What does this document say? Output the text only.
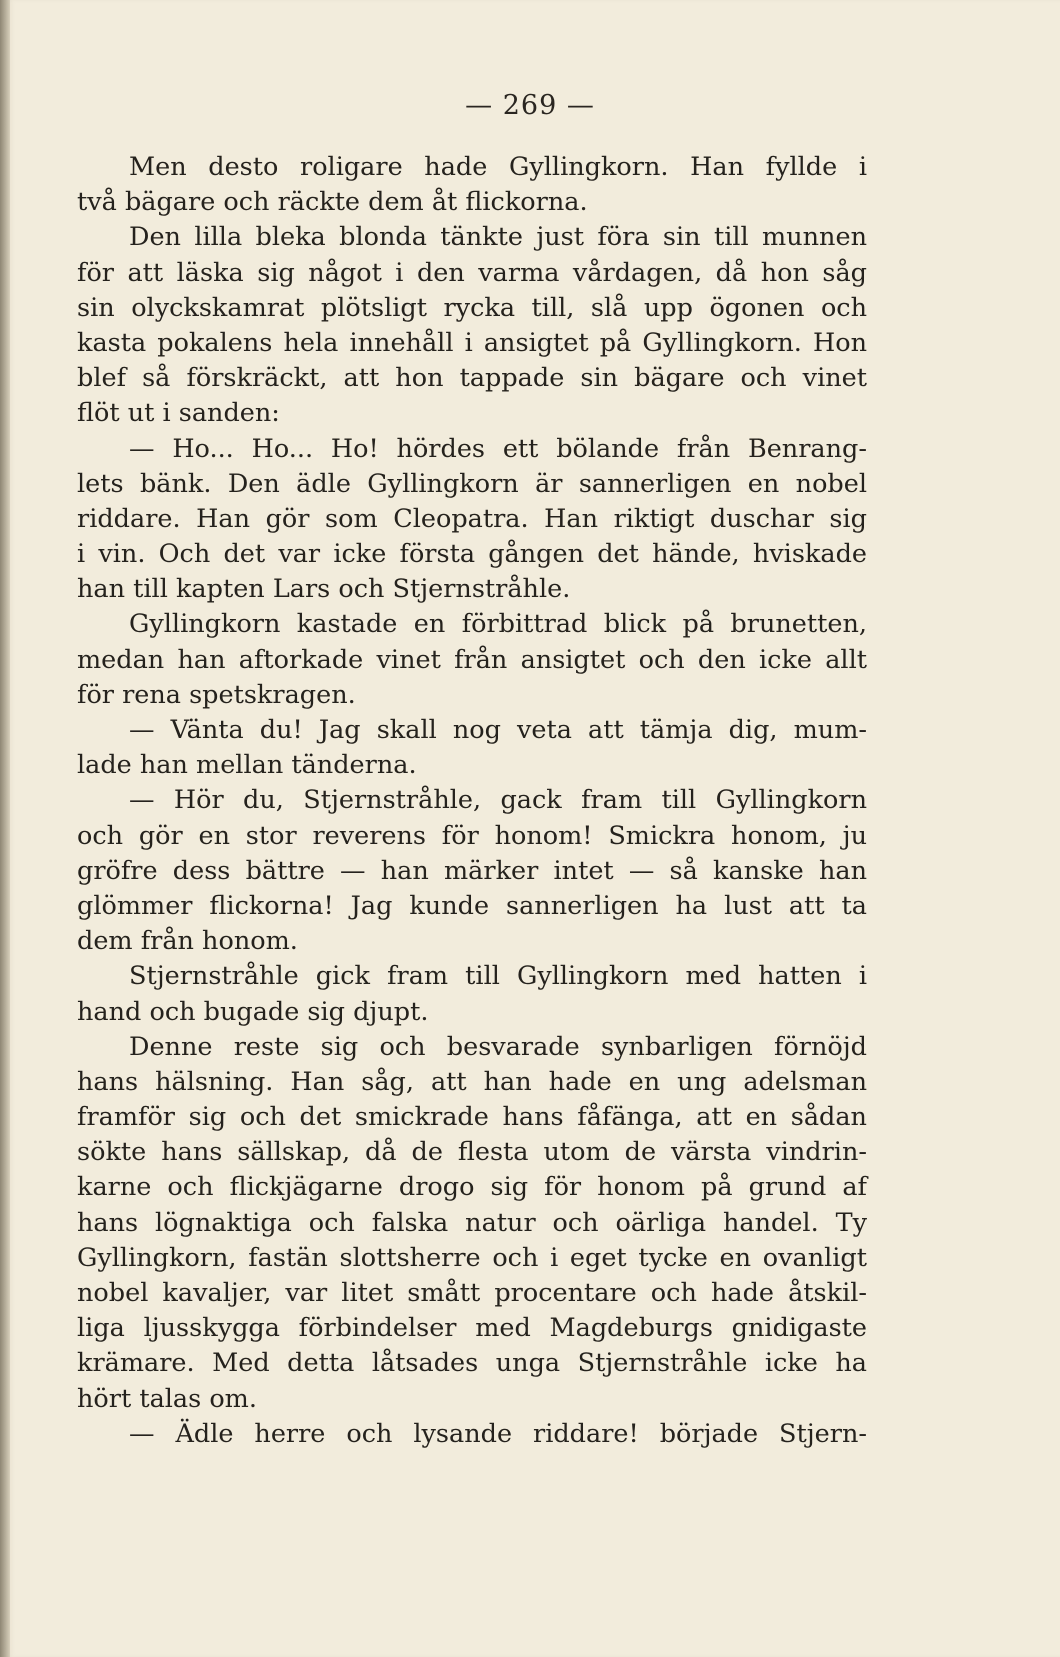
— 269 —
Men desto roligare hade Gyllingkorn. Han fyllde i
två bägare och räckte dem åt flickorna.
Den lilla bleka blonda tänkte just föra sin till munnen
för att läska sig något i den varma vårdagen, då hon såg
sin olyckskamrat plötsligt rycka till, slå upp ögonen och
kasta pokalens hela innehåll i ansigtet på Gyllingkorn. Hon
blef så förskräckt, att hon tappade sin bägare och vinet
flöt ut i sanden:
— Ho... Ho... Ho! hördes ett bölande från Benrang-
lets bänk. Den ädle Gyllingkorn är sannerligen en nobel
riddare. Han gör som Cleopatra. Han riktigt duschar sig
i vin. Och det var icke första gången det hände, hviskade
han till kapten Lars och Stjernstråhle.
Gyllingkorn kastade en förbittrad blick på brunetten,
medan han aftorkade vinet från ansigtet och den icke allt
för rena spetskragen.
— Vänta du! Jag skall nog veta att tämja dig, mum-
lade han mellan tänderna.
— Hör du, Stjernstråhle, gack fram till Gyllingkorn
och gör en stor reverens för honom! Smickra honom, ju
gröfre dess bättre — han märker intet — så kanske han
glömmer flickorna! Jag kunde sannerligen ha lust att ta
dem från honom.
Stjernstråhle gick fram till Gyllingkorn med hatten i
hand och bugade sig djupt.
Denne reste sig och besvarade synbarligen förnöjd
hans hälsning. Han såg, att han hade en ung adelsman
framför sig och det smickrade hans fåfänga, att en sådan
sökte hans sällskap, då de flesta utom de värsta vindrin-
karne och flickjägarne drogo sig för honom på grund af
hans lögnaktiga och falska natur och oärliga handel. Ty
Gyllingkorn, fastän slottsherre och i eget tycke en ovanligt
nobel kavaljer, var litet smått procentare och hade åtskil-
liga ljusskygga förbindelser med Magdeburgs gnidigaste
krämare. Med detta låtsades unga Stjernstråhle icke ha
hört talas om.
— Ädle herre och lysande riddare! började Stjern-
